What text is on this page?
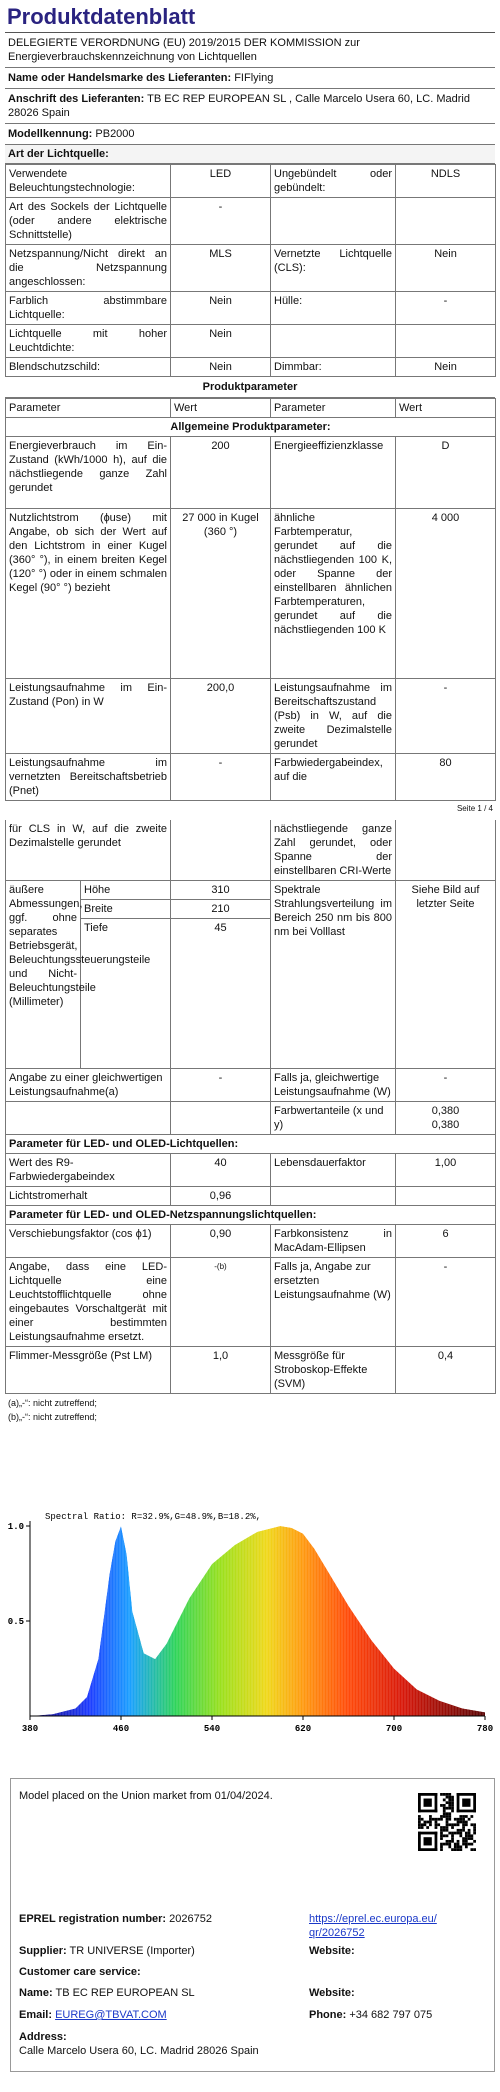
Produktdatenblatt
DELEGIERTE VERORDNUNG (EU) 2019/2015 DER KOMMISSION zur Energieverbrauchskennzeichnung von Lichtquellen
Name oder Handelsmarke des Lieferanten: FIFlying
Anschrift des Lieferanten: TB EC REP EUROPEAN SL , Calle Marcelo Usera 60, LC. Madrid 28026 Spain
Modellkennung: PB2000
Art der Lichtquelle:
Verwendete Beleuchtungstechnologie:	LED	Ungebündelt oder gebündelt:	NDLS
Art des Sockels der Lichtquelle (oder andere elektrische Schnittstelle)	-		
Netzspannung/Nicht direkt an die Netzspannung angeschlossen:	MLS	Vernetzte Lichtquelle (CLS):	Nein
Farblich abstimmbare Lichtquelle:	Nein	Hülle:	-
Lichtquelle mit hoher Leuchtdichte:	Nein		
Blendschutzschild:	Nein	Dimmbar:	Nein
Produktparameter
Parameter	Wert	Parameter	Wert
Allgemeine Produktparameter:			
Energieverbrauch im Ein-Zustand (kWh/1000 h), auf die nächstliegende ganze Zahl gerundet	200	Energieeffizienzklasse	D
Nutzlichtstrom (ɸuse) mit Angabe, ob sich der Wert auf den Lichtstrom in einer Kugel (360° °), in einem breiten Kegel (120° °) oder in einem schmalen Kegel (90° °) bezieht	27 000 in Kugel (360 °)	ähnliche Farbtemperatur, gerundet auf die nächstliegenden 100 K, oder Spanne der einstellbaren ähnlichen Farbtemperaturen, gerundet auf die nächstliegenden 100 K	4 000
Leistungsaufnahme im Ein-Zustand (Pon) in W	200,0	Leistungsaufnahme im Bereitschaftszustand (Psb) in W, auf die zweite Dezimalstelle gerundet	-
Leistungsaufnahme im vernetzten Bereitschaftsbetrieb (Pnet)	-	Farbwiedergabeindex, auf die	80
Seite 1 / 4
für CLS in W, auf die zweite Dezimalstelle gerundet			nächstliegende ganze Zahl gerundet, oder Spanne der einstellbaren CRI-Werte	
äußere Abmessungen, ggf. ohne separates Betriebsgerät, Beleuchtungssteuerungsteile und Nicht-Beleuchtungsteile (Millimeter)	Höhe	310	Spektrale Strahlungsverteilung im Bereich 250 nm bis 800 nm bei Volllast	Siehe Bild auf letzter Seite
	Breite	210		
	Tiefe	45		
Angabe zu einer gleichwertigen Leistungsaufnahme(a)		-	Falls ja, gleichwertige Leistungsaufnahme (W)	-
			Farbwertanteile (x und y)	0,380
0,380

Parameter für LED- und OLED-Lichtquellen:				
Wert des R9-Farbwiedergabeindex		40	Lebensdauerfaktor	1,00
Lichtstromerhalt		0,96		
Parameter für LED- und OLED-Netzspannungslichtquellen:				
Verschiebungsfaktor (cos ϕ1)		0,90	Farbkonsistenz in MacAdam-Ellipsen	6
Angabe, dass eine LED-Lichtquelle eine Leuchtstofflichtquelle ohne eingebautes Vorschaltgerät mit einer bestimmten Leistungsaufnahme ersetzt.		-(b)	Falls ja, Angabe zur ersetzten Leistungsaufnahme (W)	-
Flimmer-Messgröße (Pst LM)		1,0	Messgröße für Stroboskop-Effekte (SVM)	0,4
(a)„-“: nicht zutreffend;
(b)„-“: nicht zutreffend;
Spectral Ratio: R=32.9%,G=48.9%,B=18.2%,
380	460	540	620	700	780
1.0
0.5
Model placed on the Union market from 01/04/2024.
EPREL registration number: 2026752	https://eprel.ec.europa.eu/qr/2026752
Supplier: TR UNIVERSE (Importer)	Website:
Customer care service:
Name: TB EC REP EUROPEAN SL	Website:
Email: EUREG@TBVAT.COM	Phone: +34 682 797 075
Address:
Calle Marcelo Usera 60, LC. Madrid 28026 Spain
